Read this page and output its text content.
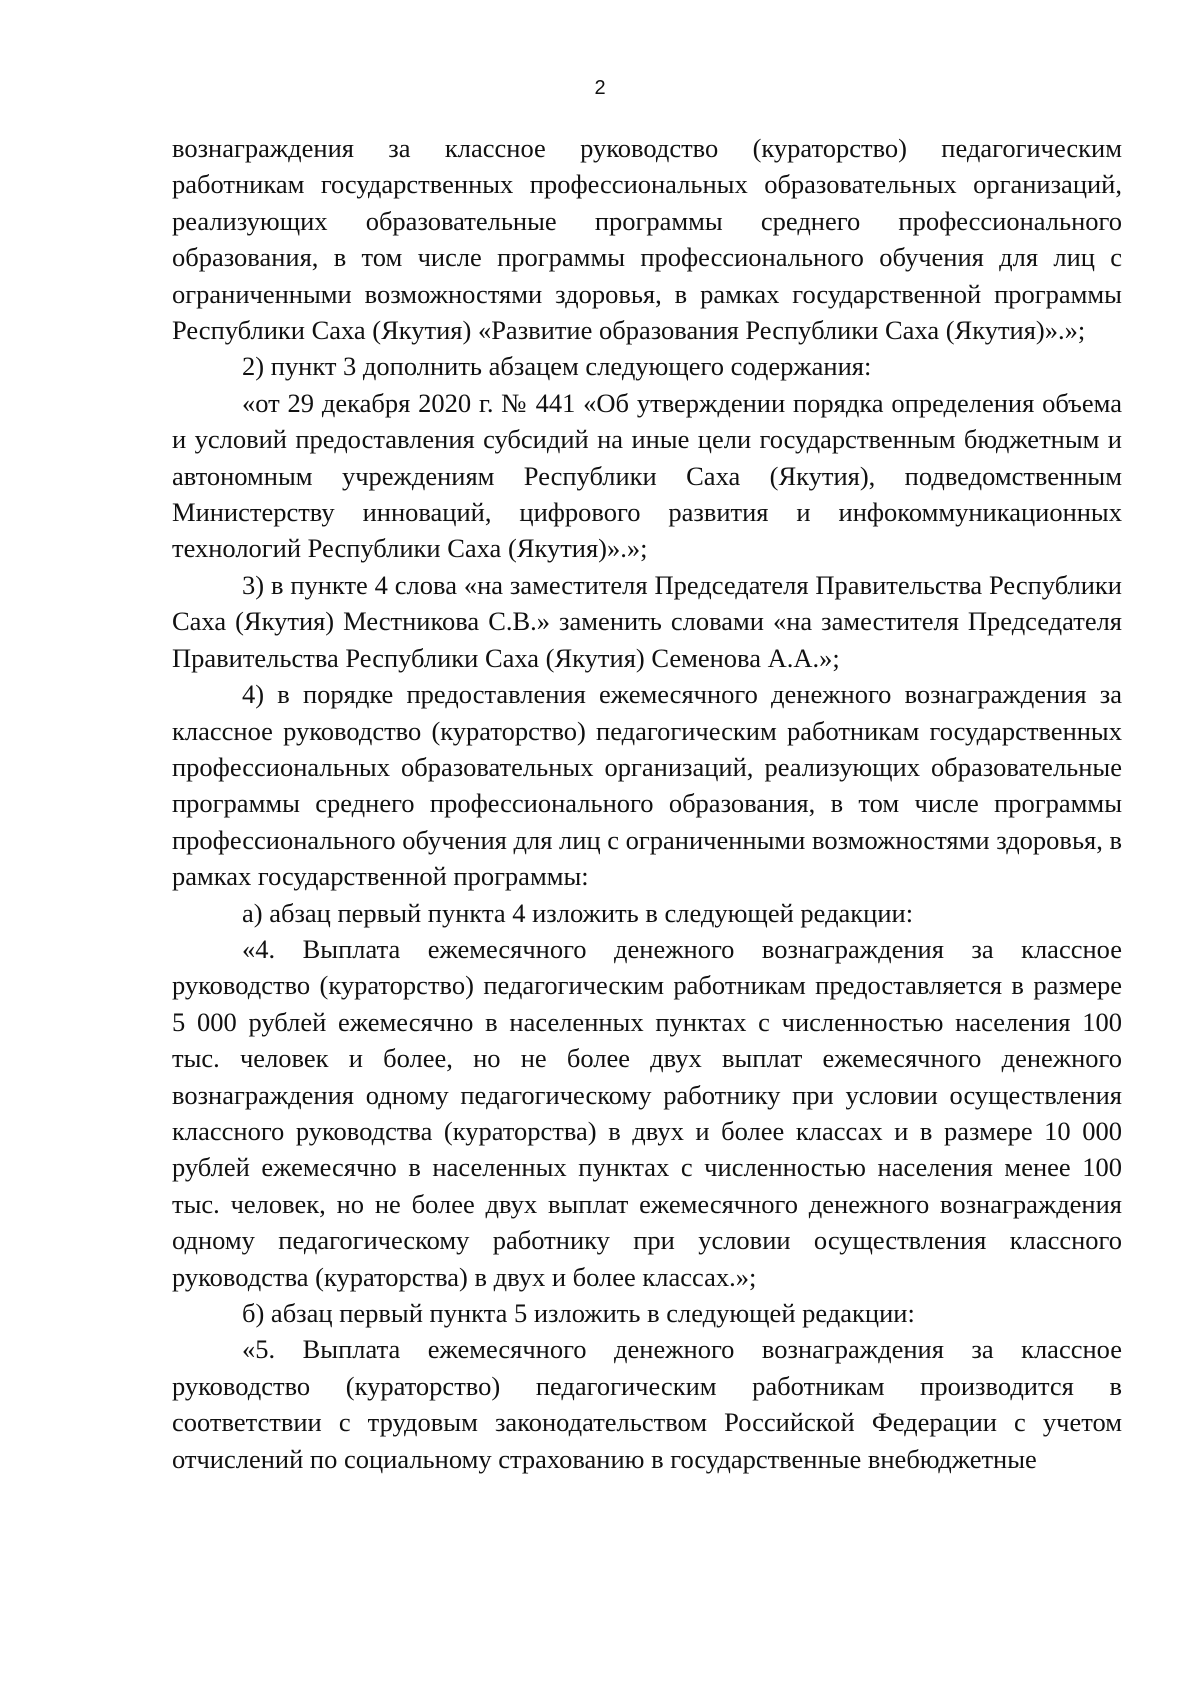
2

вознаграждения за классное руководство (кураторство) педагогическим работникам государственных профессиональных образовательных организаций, реализующих образовательные программы среднего профессионального образования, в том числе программы профессионального обучения для лиц с ограниченными возможностями здоровья, в рамках государственной программы Республики Саха (Якутия) «Развитие образования Республики Саха (Якутия)».»;

2) пункт 3 дополнить абзацем следующего содержания:

«от 29 декабря 2020 г. № 441 «Об утверждении порядка определения объема и условий предоставления субсидий на иные цели государственным бюджетным и автономным учреждениям Республики Саха (Якутия), подведомственным Министерству инноваций, цифрового развития и инфокоммуникационных технологий Республики Саха (Якутия)».»;

3) в пункте 4 слова «на заместителя Председателя Правительства Республики Саха (Якутия) Местникова С.В.» заменить словами «на заместителя Председателя Правительства Республики Саха (Якутия) Семенова А.А.»;

4) в порядке предоставления ежемесячного денежного вознаграждения за классное руководство (кураторство) педагогическим работникам государственных профессиональных образовательных организаций, реализующих образовательные программы среднего профессионального образования, в том числе программы профессионального обучения для лиц с ограниченными возможностями здоровья, в рамках государственной программы:

а) абзац первый пункта 4 изложить в следующей редакции:

«4. Выплата ежемесячного денежного вознаграждения за классное руководство (кураторство) педагогическим работникам предоставляется в размере 5 000 рублей ежемесячно в населенных пунктах с численностью населения 100 тыс. человек и более, но не более двух выплат ежемесячного денежного вознаграждения одному педагогическому работнику при условии осуществления классного руководства (кураторства) в двух и более классах и в размере 10 000 рублей ежемесячно в населенных пунктах с численностью населения менее 100 тыс. человек, но не более двух выплат ежемесячного денежного вознаграждения одному педагогическому работнику при условии осуществления классного руководства (кураторства) в двух и более классах.»;

б) абзац первый пункта 5 изложить в следующей редакции:

«5. Выплата ежемесячного денежного вознаграждения за классное руководство (кураторство) педагогическим работникам производится в соответствии с трудовым законодательством Российской Федерации с учетом отчислений по социальному страхованию в государственные внебюджетные
